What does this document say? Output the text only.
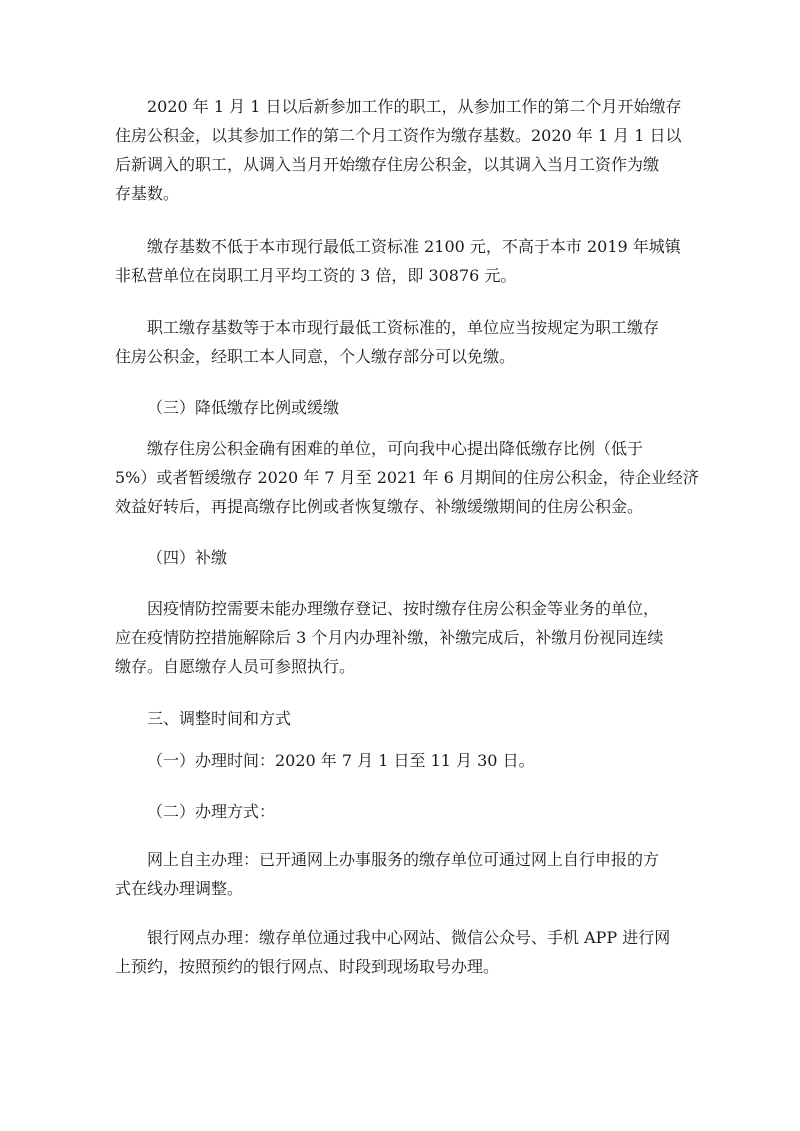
2020 年 1 月 1 日以后新参加工作的职工，从参加工作的第二个月开始缴存
住房公积金，以其参加工作的第二个月工资作为缴存基数。2020 年 1 月 1 日以
后新调入的职工，从调入当月开始缴存住房公积金，以其调入当月工资作为缴
存基数。
缴存基数不低于本市现行最低工资标准 2100 元，不高于本市 2019 年城镇
非私营单位在岗职工月平均工资的 3 倍，即 30876 元。
职工缴存基数等于本市现行最低工资标准的，单位应当按规定为职工缴存
住房公积金，经职工本人同意，个人缴存部分可以免缴。
（三）降低缴存比例或缓缴
缴存住房公积金确有困难的单位，可向我中心提出降低缴存比例（低于
5%）或者暂缓缴存 2020 年 7 月至 2021 年 6 月期间的住房公积金，待企业经济
效益好转后，再提高缴存比例或者恢复缴存、补缴缓缴期间的住房公积金。
（四）补缴
因疫情防控需要未能办理缴存登记、按时缴存住房公积金等业务的单位，
应在疫情防控措施解除后 3 个月内办理补缴，补缴完成后，补缴月份视同连续
缴存。自愿缴存人员可参照执行。
三、调整时间和方式
（一）办理时间：2020 年 7 月 1 日至 11 月 30 日。
（二）办理方式：
网上自主办理：已开通网上办事服务的缴存单位可通过网上自行申报的方
式在线办理调整。
银行网点办理：缴存单位通过我中心网站、微信公众号、手机 APP 进行网
上预约，按照预约的银行网点、时段到现场取号办理。
